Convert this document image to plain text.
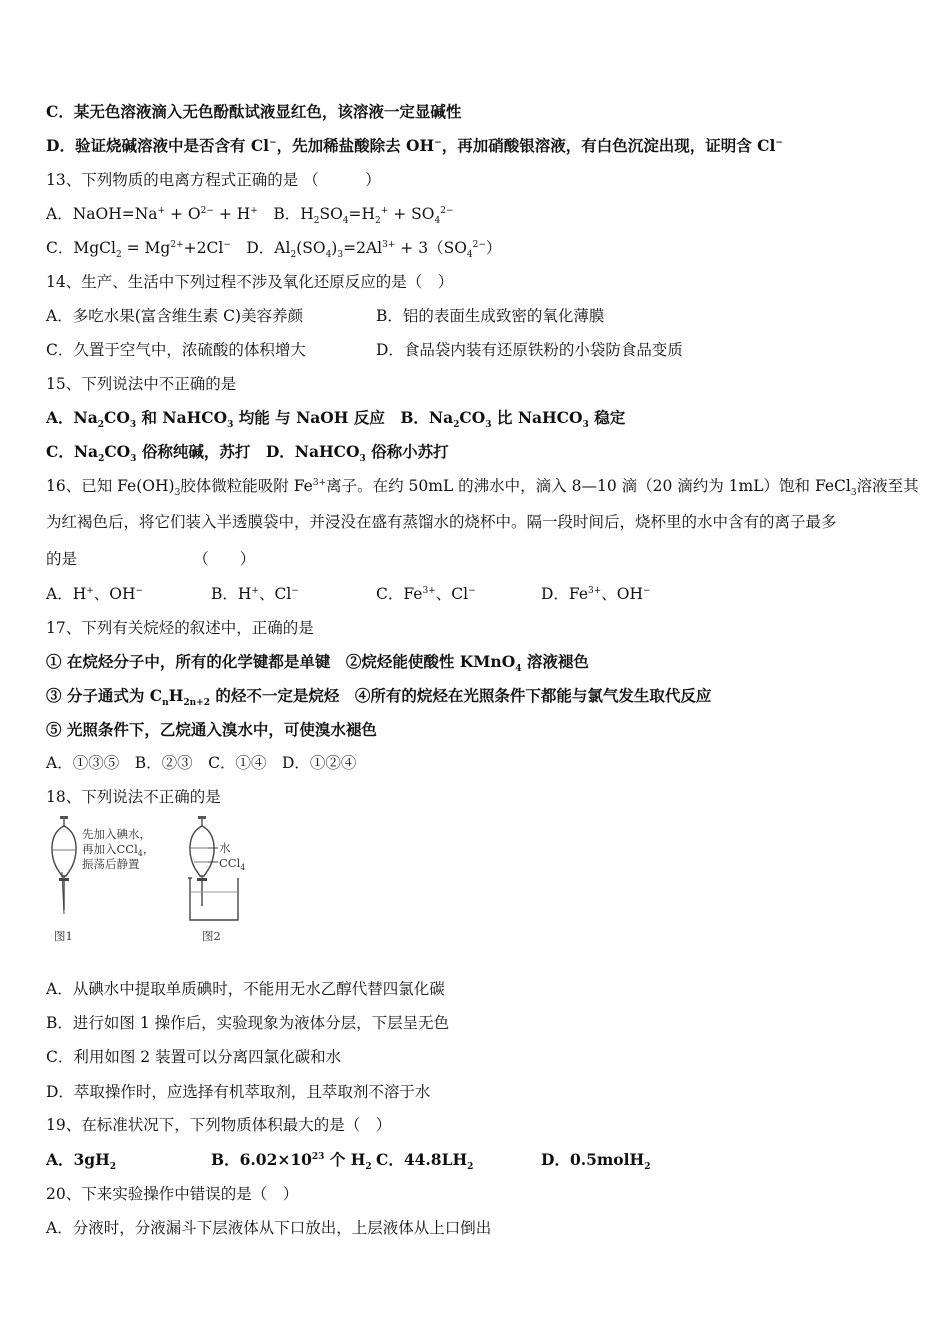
C．某无色溶液滴入无色酚酞试液显红色，该溶液一定显碱性
D．验证烧碱溶液中是否含有 Cl−，先加稀盐酸除去 OH−，再加硝酸银溶液，有白色沉淀出现，证明含 Cl−
13、下列物质的电离方程式正确的是 （　　　）
A．NaOH=Na+ + $O^{2-} + H^+$　B．$H_2SO_4=H_2^+ + SO_4^{2-}$
C．MgCl$_2$ = $Mg^{2+}+2Cl^-$　D．$Al_2(SO_4)_3=2Al^{3+} + 3(SO_4^{2-})$
14、生产、生活中下列过程不涉及氧化还原反应的是（　）
A．多吃水果(富含维生素 C)美容养颜	B．铝的表面生成致密的氧化薄膜
C．久置于空气中，浓硫酸的体积增大	D．食品袋内装有还原铁粉的小袋防食品变质
15、下列说法中不正确的是
A．$Na_2CO_3$ 和 NaHCO$_3$ 均能 与 NaOH 反应　B．$Na_2CO_3$ 比 NaHCO$_3$ 稳定
C．$Na_2CO_3$ 俗称纯碱，苏打　D．NaHCO$_3$ 俗称小苏打
16、已知 $Fe(OH)_3$胶体微粒能吸附 $Fe^{3+}$离子。在约 50mL 的沸水中，滴入 8—10 滴（20 滴约为 1mL）饱和 FeCl$_3$溶液至其
为红褐色后，将它们装入半透膜袋中，并浸没在盛有蒸馏水的烧杯中。隔一段时间后，烧杯里的水中含有的离子最多
的是　　　　　　　　（　　）
A．H+、OH−	B．H+、Cl−	C．$Fe^{3+}$、Cl−	D．$Fe^{3+}$、OH−
17、下列有关烷烃的叙述中，正确的是
① 在烷烃分子中，所有的化学键都是单键　②烷烃能使酸性 KMnO$_4$ 溶液褪色
③ 分子通式为 $C_nH_{2n+2}$ 的烃不一定是烷烃　④所有的烷烃在光照条件下都能与氯气发生取代反应
⑤ 光照条件下，乙烷通入溴水中，可使溴水褪色
A．①③⑤　B．②③　C．①④　D．①②④
18、下列说法不正确的是
先加入碘水，
再加入CCl$_4$，
振荡后静置
图1
水
CCl$_4$
图2
A．从碘水中提取单质碘时，不能用无水乙醇代替四氯化碳
B．进行如图 1 操作后，实验现象为液体分层，下层呈无色
C．利用如图 2 装置可以分离四氯化碳和水
D．萃取操作时，应选择有机萃取剂，且萃取剂不溶于水
19、在标准状况下，下列物质体积最大的是（　）
A．$3gH_2$	B．$6.02\times 10^{23}$ 个 $H_2$ C．$44.8LH_2$	D．0.5molH$_2$
20、下来实验操作中错误的是（　）
A．分液时，分液漏斗下层液体从下口放出，上层液体从上口倒出
